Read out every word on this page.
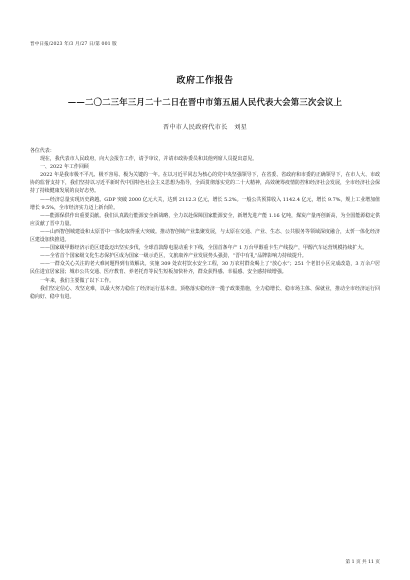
晋中日报/2023 年/3 月/27 日/第 001 版
政府工作报告
——二〇二三年三月二十二日在晋中市第五届人民代表大会第三次会议上
晋中市人民政府代市长　刘星

各位代表：

现在，我代表市人民政府，向大会报告工作，请予审议，并请市政协委员和其他列席人员提出意见。

一、2022 年工作回顾

2022 年是我市极不平凡、极不容易、极为关键的一年。在以习近平同志为核心的党中央坚强领导下，在省委、省政府和市委的正确领导下，在市人大、市政协的监督支持下，我们坚持以习近平新时代中国特色社会主义思想为指导，全面贯彻落实党的二十大精神，高效统筹疫情防控和经济社会发展，全市经济社会保持了持续健康发展的良好态势。

——经济总量实现历史跨越。GDP 突破 2000 亿元大关，达到 2112.3 亿元，增长 5.2%。一般公共预算收入 1142.4 亿元，增长 9.7%，规上工业增加值增长 9.5%，全市经济实力迈上新台阶。

——能源保供作出重要贡献。我们认真践行能源安全新战略，全力以赴保障国家能源安全，新增先进产能 1.16 亿吨，煤炭产量再创新高，为全国能源稳定供应贡献了晋中力量。

——山西智创城建设和太原晋中一体化取得重大突破。推动智创城产业集聚发展，与太原在交通、产业、生态、公共服务等领域深度融合，太忻一体化经济区建设加快推进。

——国家级甲醇经济示范区建设迈出坚实步伐，全球首款醇电混动重卡下线，全国首条年产 1 万台甲醇重卡生产线投产，甲醇汽车运营规模持续扩大。

——全省首个国家级文化生态保护区成为国家一级示范区，文旅康养产业发展势头强劲，“晋中有礼”品牌影响力持续提升。

——一群众关心关注的老大难问题得到有效解决。实施 309 处农村饮水安全工程，30 万农村群众喝上了“放心水”；251 个老旧小区完成改造，3 万余户居民住进宜居家园；城市公共交通、医疗教育、养老托育等民生短板加快补齐，群众获得感、幸福感、安全感持续增强。

一年来，我们主要做了以下工作。

我们坚定信心、攻坚克难，以最大努力稳住了经济运行基本盘。顶格落实稳经济一揽子政策措施，全力稳增长、稳市场主体、保就业，推动全市经济运行回稳向好、稳中有进。

第 1 页 共 11 页
